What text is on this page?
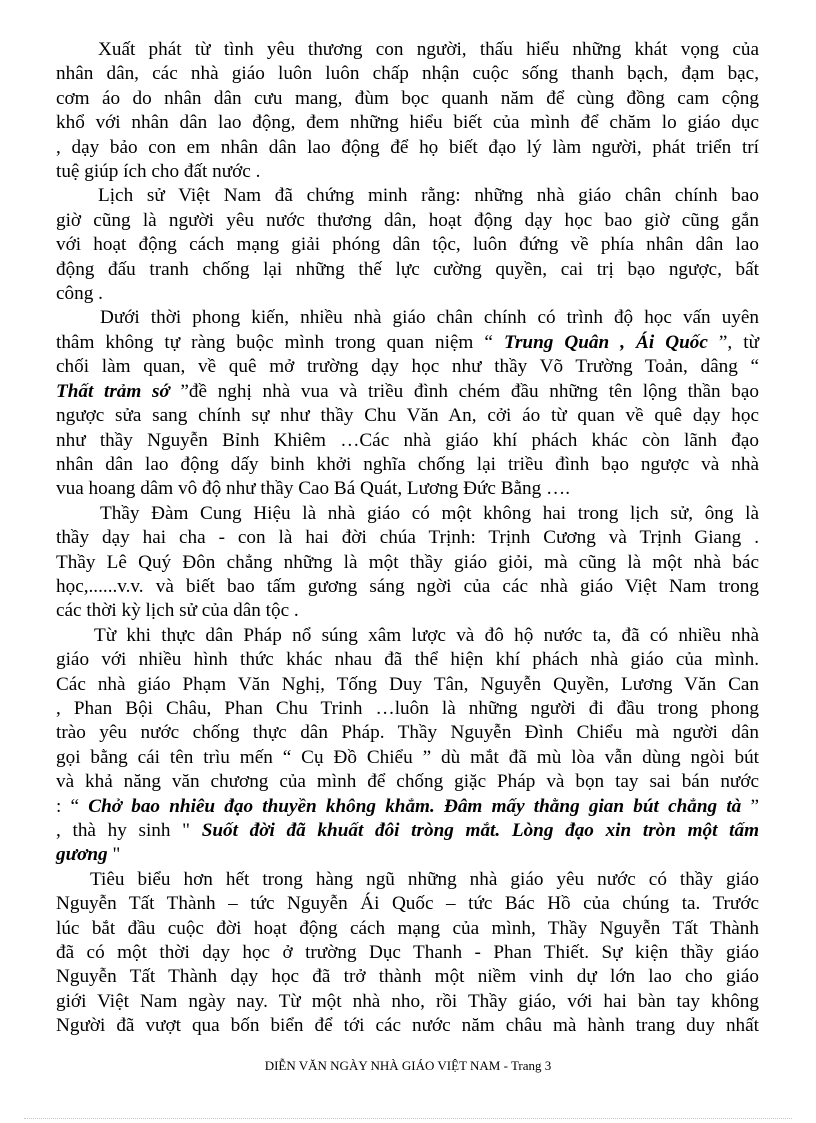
Xuất phát từ tình yêu thương con người, thấu hiểu những khát vọng của
nhân dân, các nhà giáo luôn luôn chấp nhận cuộc sống thanh bạch, đạm bạc,
cơm áo do nhân dân cưu mang, đùm bọc quanh năm để cùng đồng cam cộng
khổ với nhân dân lao động, đem những hiểu biết của mình để chăm lo giáo dục
, dạy bảo con em nhân dân lao động để họ biết đạo lý làm người, phát triển trí
tuệ giúp ích cho đất nước .

Lịch sử Việt Nam đã chứng minh rằng: những nhà giáo chân chính bao
giờ cũng là người yêu nước thương dân, hoạt động dạy học bao giờ cũng gắn
với hoạt động cách mạng giải phóng dân tộc, luôn đứng về phía nhân dân lao
động đấu tranh chống lại những thế lực cường quyền, cai trị bạo ngược, bất
công .

Dưới thời phong kiến, nhiều nhà giáo chân chính có trình độ học vấn uyên
thâm không tự ràng buộc mình trong quan niệm “ Trung Quân , Ái Quốc ”, từ
chối làm quan, về quê mở trường dạy học như thầy Võ Trường Toản, dâng “
Thất trảm sớ ”đề nghị nhà vua và triều đình chém đầu những tên lộng thần bạo
ngược sửa sang chính sự như thầy Chu Văn An, cởi áo từ quan về quê dạy học
như thầy Nguyễn Bỉnh Khiêm …Các nhà giáo khí phách khác còn lãnh đạo
nhân dân lao động dấy binh khởi nghĩa chống lại triều đình bạo ngược và nhà
vua hoang dâm vô độ như thầy Cao Bá Quát, Lương Đức Bằng ….

Thầy Đàm Cung Hiệu là nhà giáo có một không hai trong lịch sử, ông là
thầy dạy hai cha - con là hai đời chúa Trịnh: Trịnh Cương và Trịnh Giang .
Thầy Lê Quý Đôn chẳng những là một thầy giáo giỏi, mà cũng là một nhà bác
học,......v.v. và biết bao tấm gương sáng ngời của các nhà giáo Việt Nam trong
các thời kỳ lịch sử của dân tộc .

Từ khi thực dân Pháp nổ súng xâm lược và đô hộ nước ta, đã có nhiều nhà
giáo với nhiều hình thức khác nhau đã thể hiện khí phách nhà giáo của mình.
Các nhà giáo Phạm Văn Nghị, Tống Duy Tân, Nguyễn Quyền, Lương Văn Can
, Phan Bội Châu, Phan Chu Trinh …luôn là những người đi đầu trong phong
trào yêu nước chống thực dân Pháp. Thầy Nguyễn Đình Chiểu mà người dân
gọi bằng cái tên trìu mến “ Cụ Đồ Chiểu ” dù mắt đã mù lòa vẫn dùng ngòi bút
và khả năng văn chương của mình để chống giặc Pháp và bọn tay sai bán nước
: “ Chở bao nhiêu đạo thuyền không khẳm. Đâm mấy thằng gian bút chẳng tà ”
, thà hy sinh " Suốt đời đã khuất đôi tròng mắt. Lòng đạo xin tròn một tấm
gương "

Tiêu biểu hơn hết trong hàng ngũ những nhà giáo yêu nước có thầy giáo
Nguyễn Tất Thành – tức Nguyễn Ái Quốc – tức Bác Hồ của chúng ta. Trước
lúc bắt đầu cuộc đời hoạt động cách mạng của mình, Thầy Nguyễn Tất Thành
đã có một thời dạy học ở trường Dục Thanh - Phan Thiết. Sự kiện thầy giáo
Nguyễn Tất Thành dạy học đã trở thành một niềm vinh dự lớn lao cho giáo
giới Việt Nam ngày nay. Từ một nhà nho, rồi Thầy giáo, với hai bàn tay không
Người đã vượt qua bốn biển để tới các nước năm châu mà hành trang duy nhất

DIỄN VĂN NGÀY NHÀ GIÁO VIỆT NAM - Trang 3
